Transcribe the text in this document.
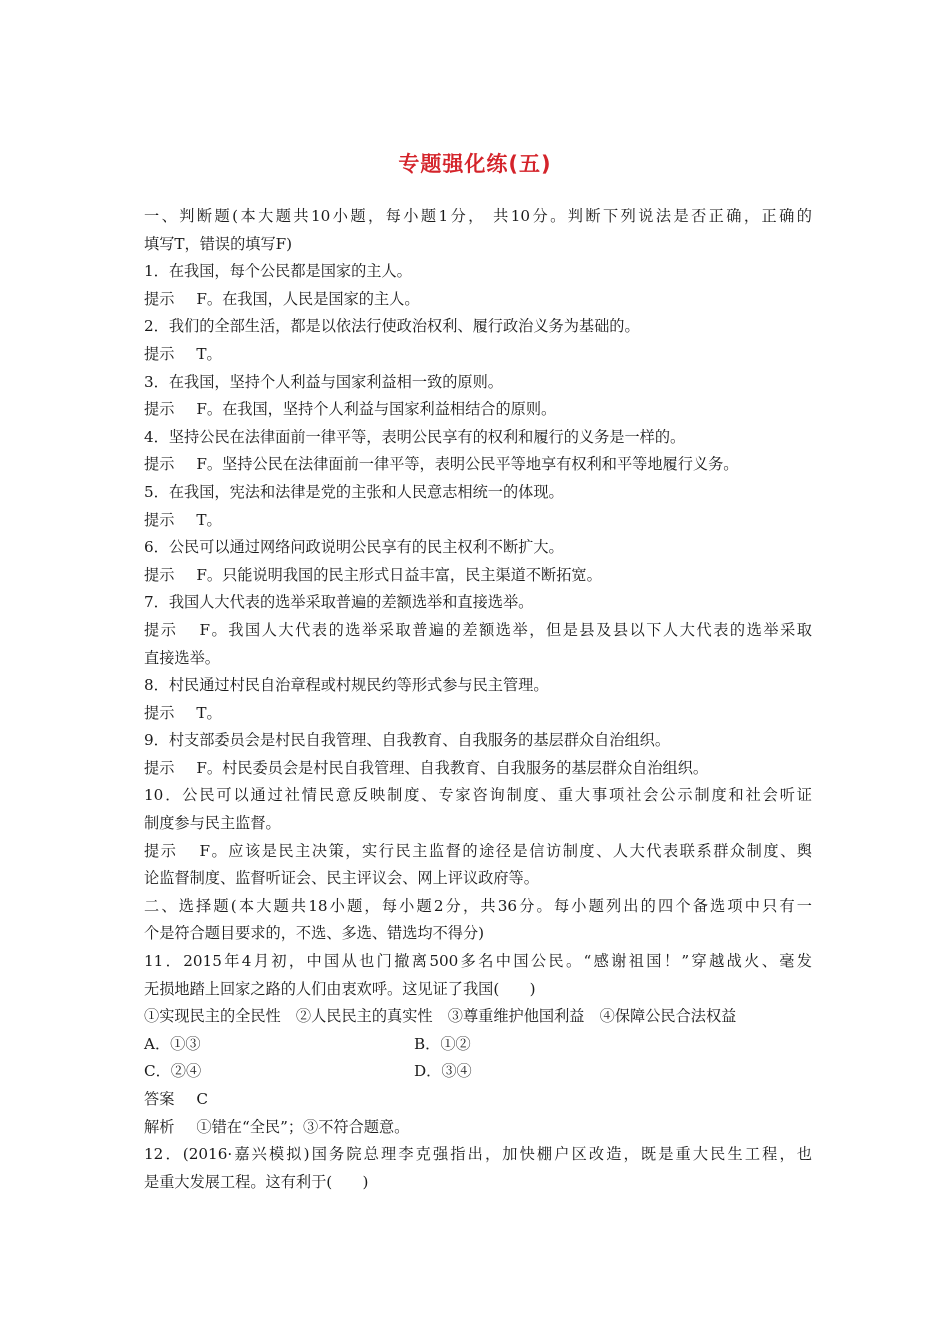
专题强化练(五)
一、判断题(本大题共10小题，每小题1分， 共10分。判断下列说法是否正确，正确的
填写T，错误的填写F)
1．在我国，每个公民都是国家的主人。
提示 F。在我国，人民是国家的主人。
2．我们的全部生活，都是以依法行使政治权利、履行政治义务为基础的。
提示 T。
3．在我国，坚持个人利益与国家利益相一致的原则。
提示 F。在我国，坚持个人利益与国家利益相结合的原则。
4．坚持公民在法律面前一律平等，表明公民享有的权利和履行的义务是一样的。
提示 F。坚持公民在法律面前一律平等，表明公民平等地享有权利和平等地履行义务。
5．在我国，宪法和法律是党的主张和人民意志相统一的体现。
提示 T。
6．公民可以通过网络问政说明公民享有的民主权利不断扩大。
提示 F。只能说明我国的民主形式日益丰富，民主渠道不断拓宽。
7．我国人大代表的选举采取普遍的差额选举和直接选举。
提示 F。我国人大代表的选举采取普遍的差额选举，但是县及县以下人大代表的选举采取
直接选举。
8．村民通过村民自治章程或村规民约等形式参与民主管理。
提示 T。
9．村支部委员会是村民自我管理、自我教育、自我服务的基层群众自治组织。
提示 F。村民委员会是村民自我管理、自我教育、自我服务的基层群众自治组织。
10．公民可以通过社情民意反映制度、专家咨询制度、重大事项社会公示制度和社会听证
制度参与民主监督。
提示 F。应该是民主决策，实行民主监督的途径是信访制度、人大代表联系群众制度、舆
论监督制度、监督听证会、民主评议会、网上评议政府等。
二、选择题(本大题共18小题，每小题2分，共36分。每小题列出的四个备选项中只有一
个是符合题目要求的，不选、多选、错选均不得分)
11．2015年4月初，中国从也门撤离500多名中国公民。“感谢祖国！”穿越战火、毫发
无损地踏上回家之路的人们由衷欢呼。这见证了我国(　　)
①实现民主的全民性　②人民民主的真实性　③尊重维护他国利益　④保障公民合法权益
A．①③	B．①②
C．②④	D．③④
答案 C
解析 ①错在“全民”；③不符合题意。
12．(2016·嘉兴模拟)国务院总理李克强指出，加快棚户区改造，既是重大民生工程，也
是重大发展工程。这有利于(　　)
